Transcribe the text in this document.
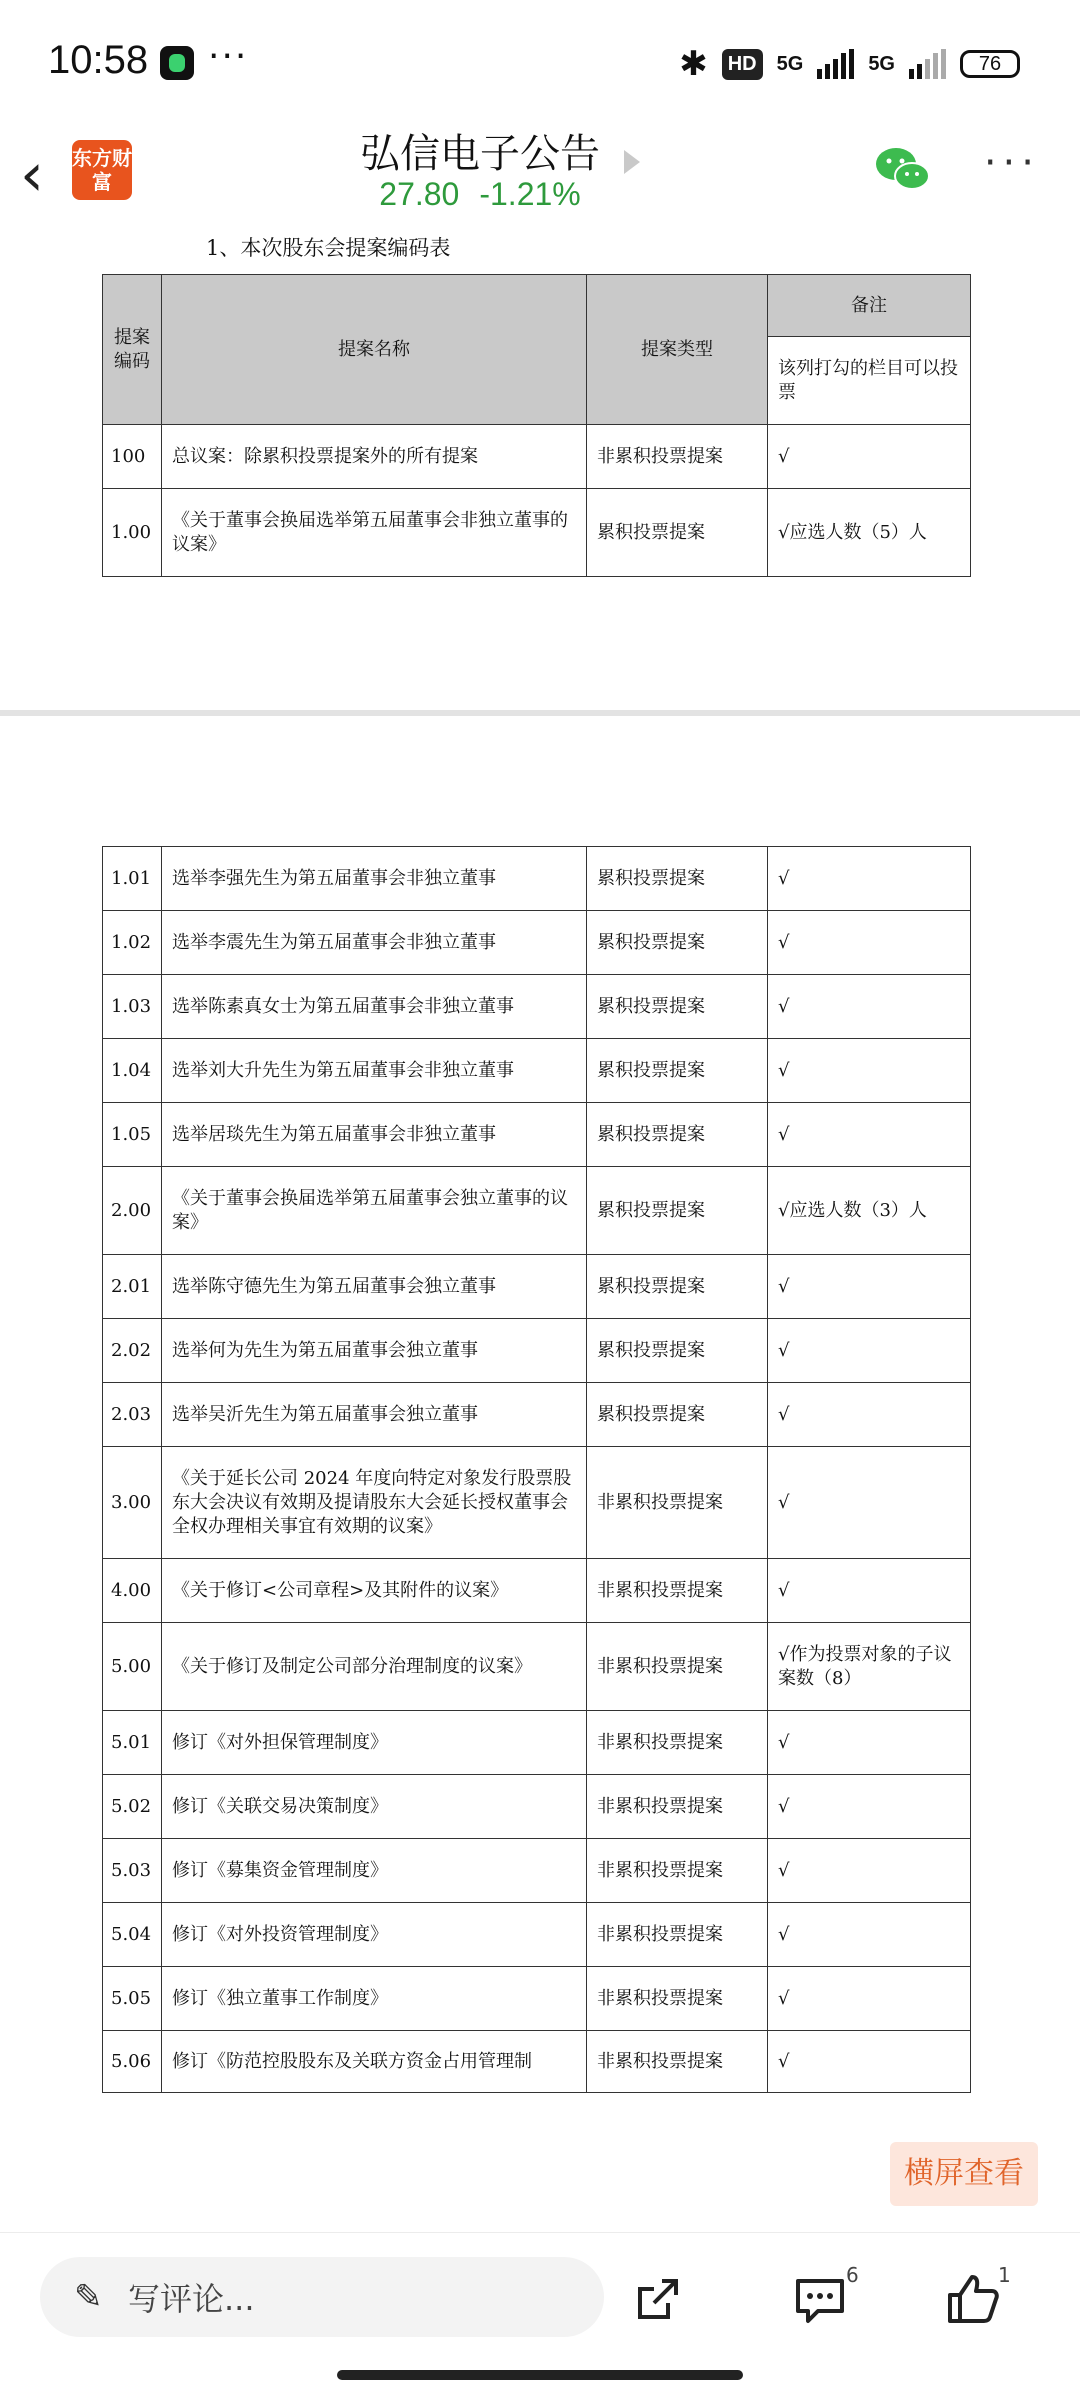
10:58 ···	✱	HD	5G	5G	76
‹	东方财富
弘信电子公告
27.80 -1.21%
···
1、本次股东会提案编码表
提案编码	提案名称	提案类型	备注
			该列打勾的栏目可以投票
100	总议案：除累积投票提案外的所有提案	非累积投票提案	√
1.00	《关于董事会换届选举第五届董事会非独立董事的议案》	累积投票提案	√应选人数（5）人
1.01	选举李强先生为第五届董事会非独立董事	累积投票提案	√
1.02	选举李震先生为第五届董事会非独立董事	累积投票提案	√
1.03	选举陈素真女士为第五届董事会非独立董事	累积投票提案	√
1.04	选举刘大升先生为第五届董事会非独立董事	累积投票提案	√
1.05	选举居琰先生为第五届董事会非独立董事	累积投票提案	√
2.00	《关于董事会换届选举第五届董事会独立董事的议案》	累积投票提案	√应选人数（3）人
2.01	选举陈守德先生为第五届董事会独立董事	累积投票提案	√
2.02	选举何为先生为第五届董事会独立董事	累积投票提案	√
2.03	选举吴沂先生为第五届董事会独立董事	累积投票提案	√
3.00	《关于延长公司 2024 年度向特定对象发行股票股东大会决议有效期及提请股东大会延长授权董事会全权办理相关事宜有效期的议案》	非累积投票提案	√
4.00	《关于修订<公司章程>及其附件的议案》	非累积投票提案	√
5.00	《关于修订及制定公司部分治理制度的议案》	非累积投票提案	√作为投票对象的子议案数（8）
5.01	修订《对外担保管理制度》	非累积投票提案	√
5.02	修订《关联交易决策制度》	非累积投票提案	√
5.03	修订《募集资金管理制度》	非累积投票提案	√
5.04	修订《对外投资管理制度》	非累积投票提案	√
5.05	修订《独立董事工作制度》	非累积投票提案	√
5.06	修订《防范控股股东及关联方资金占用管理制	非累积投票提案	√
横屏查看
✎ 写评论...
6	1
